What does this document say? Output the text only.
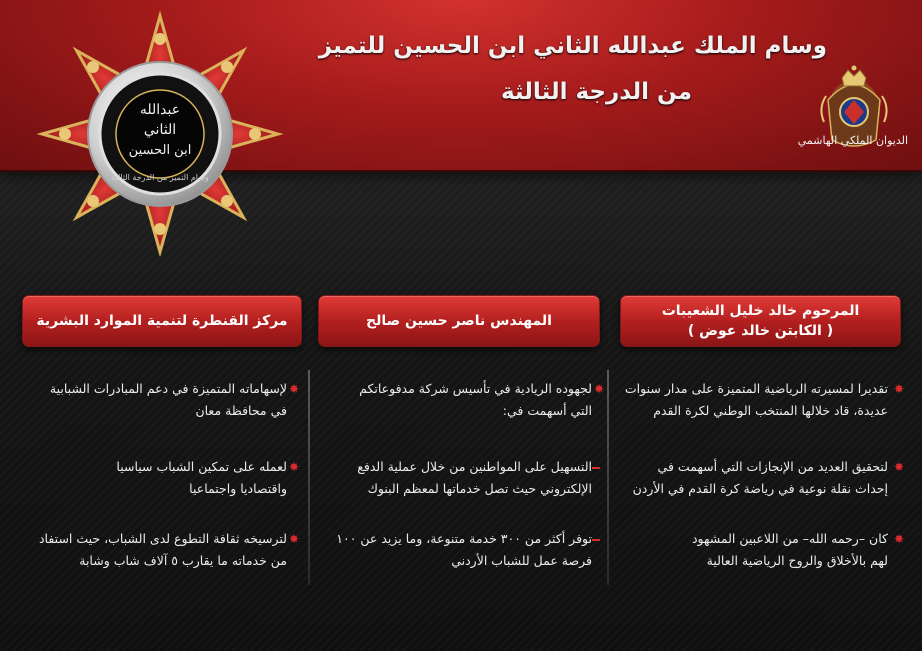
وسام الملك عبدالله الثاني ابن الحسين للتميز
من الدرجة الثالثة
الديوان الملكي الهاشمي
عبدالله
الثاني
ابن الحسين
وسام التميز من الدرجة الثالثة
المرحوم خالد خليل الشعيبات
( الكابتن خالد عوض )
المهندس ناصر حسين صالح
مركز القنطرة لتنمية الموارد البشرية
تقديرا لمسيرته الرياضية المتميزة على مدار سنوات
عديدة، قاد خلالها المنتخب الوطني لكرة القدم
✸
لتحقيق العديد من الإنجازات التي أسهمت في
إحداث نقلة نوعية في رياضة كرة القدم في الأردن
✸
كان –رحمه الله– من اللاعبين المشهود
لهم بالأخلاق والروح الرياضية العالية
✸
لجهوده الريادية في تأسيس شركة مدفوعاتكم
التي أسهمت في:
✸
التسهيل على المواطنين من خلال عملية الدفع
الإلكتروني حيث تصل خدماتها لمعظم البنوك
توفر أكثر من ٣٠٠ خدمة متنوعة، وما يزيد عن ١٠٠
فرصة عمل للشباب الأردني
لإسهاماته المتميزة في دعم المبادرات الشبابية
في محافظة معان
✸
لعمله على تمكين الشباب سياسيا
واقتصاديا واجتماعيا
✸
لترسيخه ثقافة التطوع لدى الشباب، حيث استفاد
من خدماته ما يقارب ٥ آلاف شاب وشابة
✸
